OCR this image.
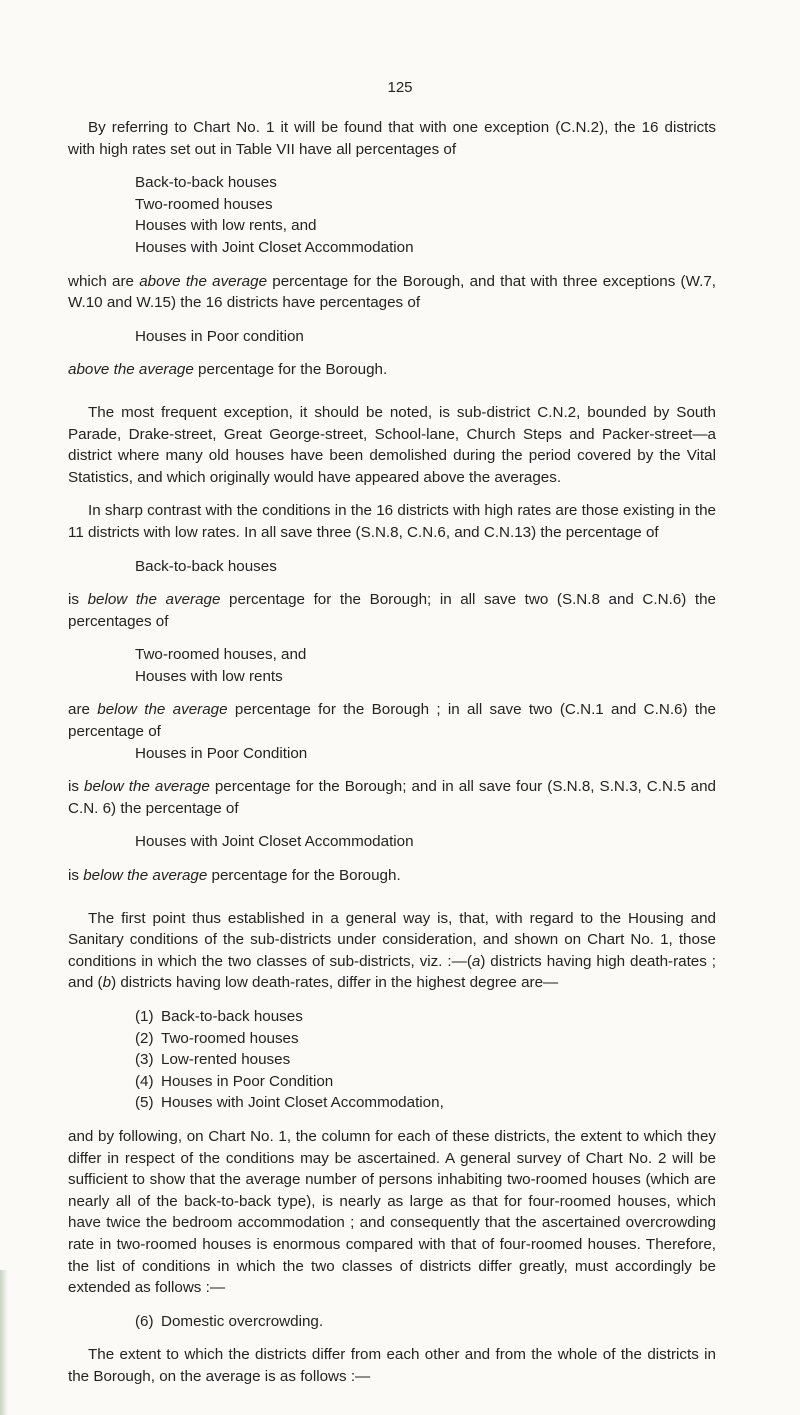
125

By referring to Chart No. 1 it will be found that with one exception (C.N.2), the 16 districts with high rates set out in Table VII have all percentages of

Back-to-back houses
Two-roomed houses
Houses with low rents, and
Houses with Joint Closet Accommodation

which are above the average percentage for the Borough, and that with three exceptions (W.7, W.10 and W.15) the 16 districts have percentages of

Houses in Poor condition

above the average percentage for the Borough.

The most frequent exception, it should be noted, is sub-district C.N.2, bounded by South Parade, Drake-street, Great George-street, School-lane, Church Steps and Packer-street—a district where many old houses have been demolished during the period covered by the Vital Statistics, and which originally would have appeared above the averages.

In sharp contrast with the conditions in the 16 districts with high rates are those existing in the 11 districts with low rates. In all save three (S.N.8, C.N.6, and C.N.13) the percentage of

Back-to-back houses

is below the average percentage for the Borough; in all save two (S.N.8 and C.N.6) the percentages of

Two-roomed houses, and
Houses with low rents

are below the average percentage for the Borough ; in all save two (C.N.1 and C.N.6) the percentage of

Houses in Poor Condition

is below the average percentage for the Borough; and in all save four (S.N.8, S.N.3, C.N.5 and C.N. 6) the percentage of

Houses with Joint Closet Accommodation

is below the average percentage for the Borough.

The first point thus established in a general way is, that, with regard to the Housing and Sanitary conditions of the sub-districts under consideration, and shown on Chart No. 1, those conditions in which the two classes of sub-districts, viz. :—(a) districts having high death-rates ; and (b) districts having low death-rates, differ in the highest degree are—

(1) Back-to-back houses
(2) Two-roomed houses
(3) Low-rented houses
(4) Houses in Poor Condition
(5) Houses with Joint Closet Accommodation,

and by following, on Chart No. 1, the column for each of these districts, the extent to which they differ in respect of the conditions may be ascertained. A general survey of Chart No. 2 will be sufficient to show that the average number of persons inhabiting two-roomed houses (which are nearly all of the back-to-back type), is nearly as large as that for four-roomed houses, which have twice the bedroom accommodation ; and consequently that the ascertained overcrowding rate in two-roomed houses is enormous compared with that of four-roomed houses. Therefore, the list of conditions in which the two classes of districts differ greatly, must accordingly be extended as follows :—

(6) Domestic overcrowding.

The extent to which the districts differ from each other and from the whole of the districts in the Borough, on the average is as follows :—
